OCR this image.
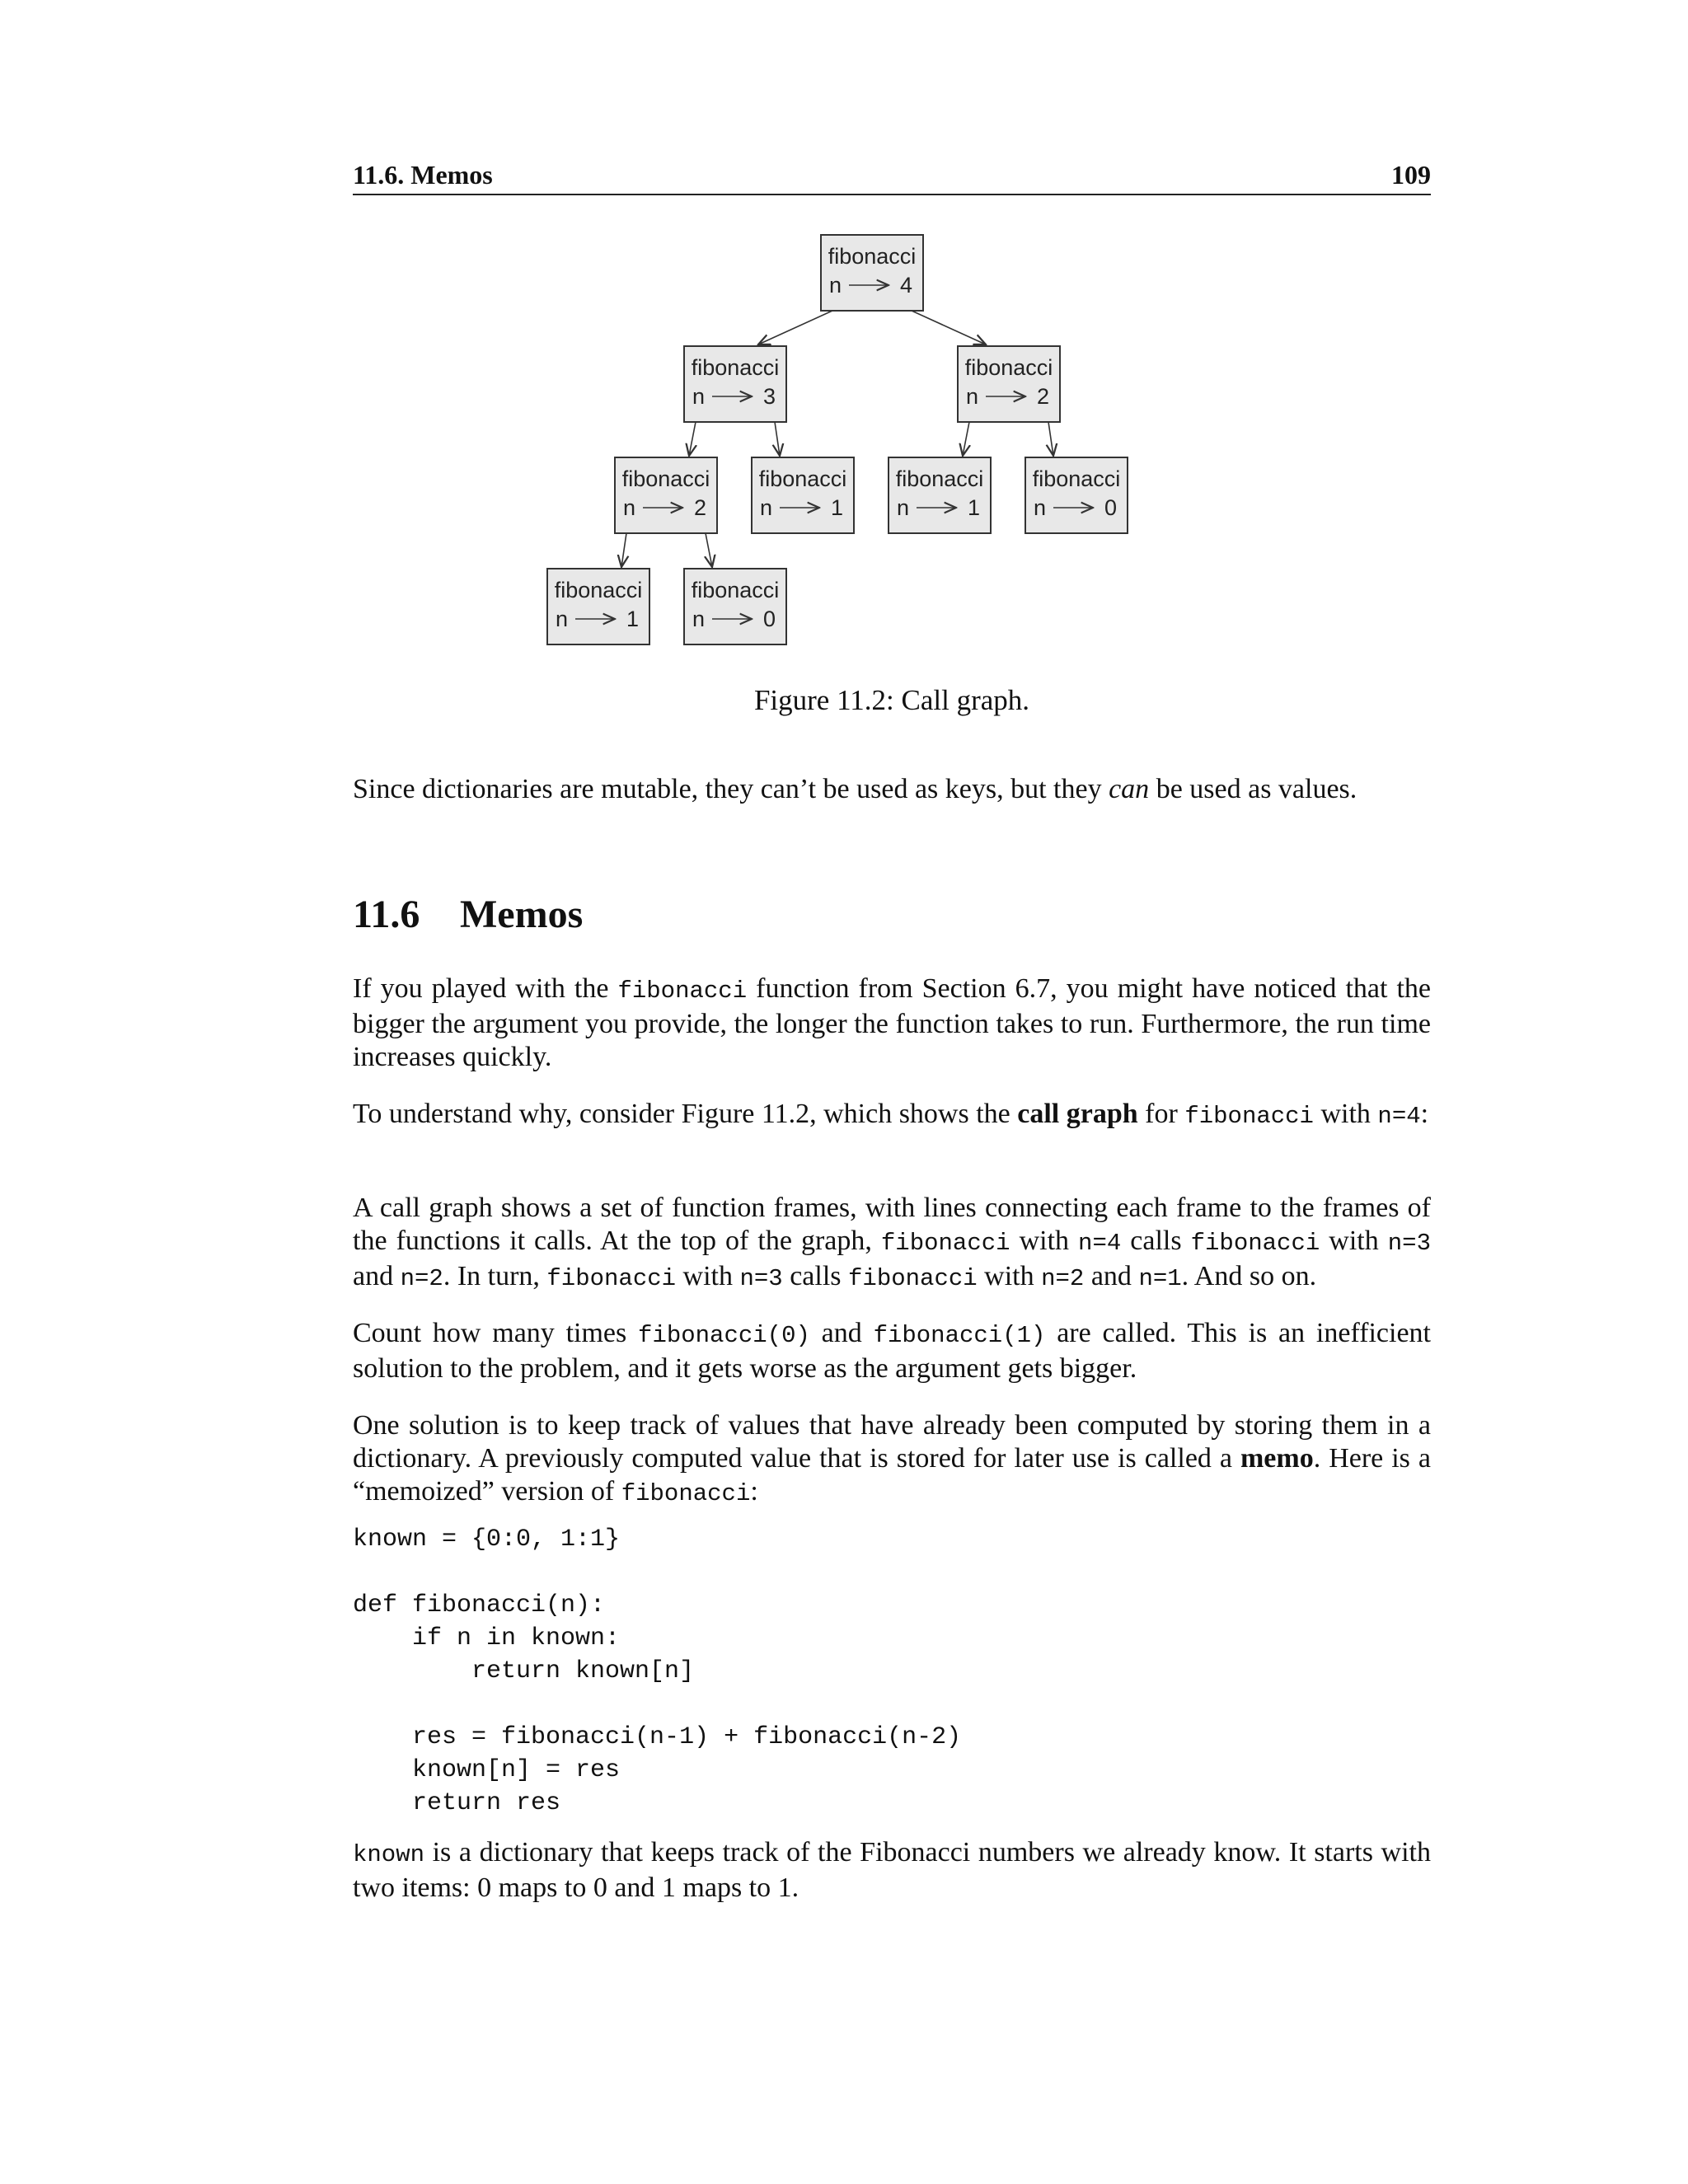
11.6. Memos	109
fibonacci
n	4
fibonacci
n	3
fibonacci
n	2
fibonacci
n	2
fibonacci
n	1
fibonacci
n	1
fibonacci
n	0
fibonacci
n	1
fibonacci
n	0
Figure 11.2: Call graph.
Since dictionaries are mutable, they can’t be used as keys, but they can be used as values.
11.6 Memos
If you played with the fibonacci function from Section 6.7, you might have noticed that the bigger the argument you provide, the longer the function takes to run. Furthermore, the run time increases quickly.
To understand why, consider Figure 11.2, which shows the call graph for fibonacci with n=4:
A call graph shows a set of function frames, with lines connecting each frame to the frames of the functions it calls. At the top of the graph, fibonacci with n=4 calls fibonacci with n=3 and n=2. In turn, fibonacci with n=3 calls fibonacci with n=2 and n=1. And so on.
Count how many times fibonacci(0) and fibonacci(1) are called. This is an inefficient solution to the problem, and it gets worse as the argument gets bigger.
One solution is to keep track of values that have already been computed by storing them in a dictionary. A previously computed value that is stored for later use is called a memo. Here is a “memoized” version of fibonacci:
known = {0:0, 1:1}

def fibonacci(n):
if n in known:
return known[n]

res = fibonacci(n-1) + fibonacci(n-2)
known[n] = res
return res
known is a dictionary that keeps track of the Fibonacci numbers we already know. It starts with two items: 0 maps to 0 and 1 maps to 1.
